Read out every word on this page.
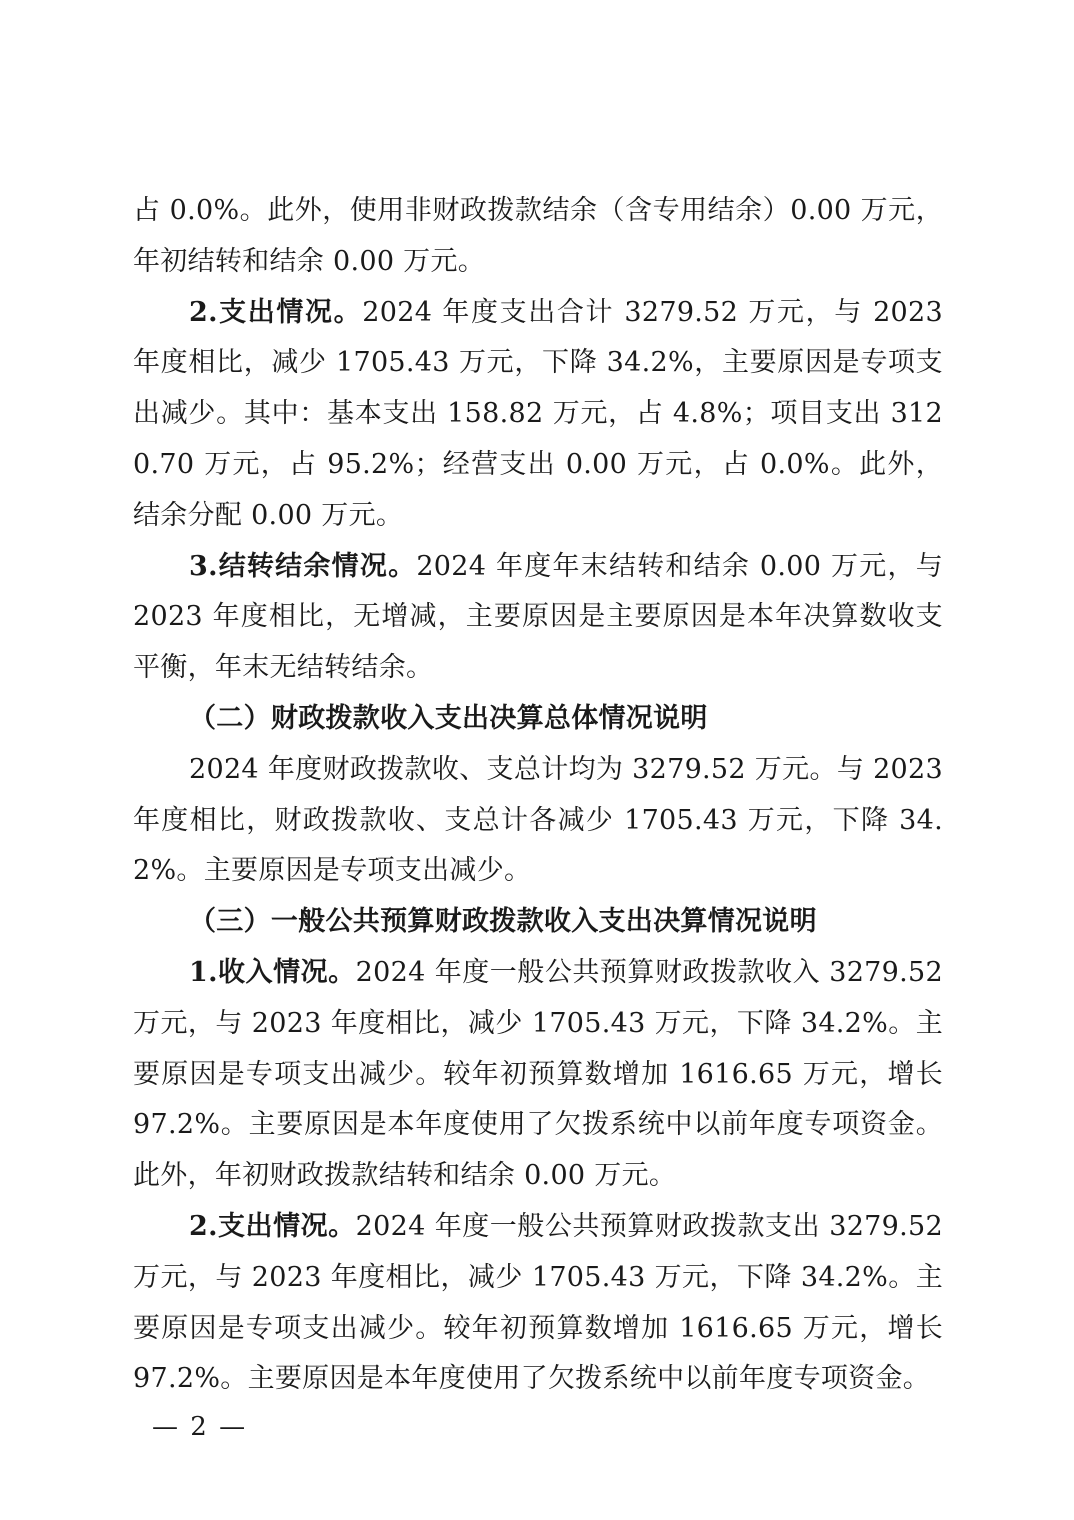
占 0.0%。此外，使用非财政拨款结余（含专用结余）0.00 万元，年初结转和结余 0.00 万元。

2.支出情况。2024 年度支出合计 3279.52 万元，与 2023 年度相比，减少 1705.43 万元，下降 34.2%，主要原因是专项支出减少。其中：基本支出 158.82 万元，占 4.8%；项目支出 3120.70 万元，占 95.2%；经营支出 0.00 万元，占 0.0%。此外，结余分配 0.00 万元。

3.结转结余情况。2024 年度年末结转和结余 0.00 万元，与 2023 年度相比，无增减，主要原因是主要原因是本年决算数收支平衡，年末无结转结余。

（二）财政拨款收入支出决算总体情况说明

2024 年度财政拨款收、支总计均为 3279.52 万元。与 2023 年度相比，财政拨款收、支总计各减少 1705.43 万元，下降 34.2%。主要原因是专项支出减少。

（三）一般公共预算财政拨款收入支出决算情况说明

1.收入情况。2024 年度一般公共预算财政拨款收入 3279.52 万元，与 2023 年度相比，减少 1705.43 万元，下降 34.2%。主要原因是专项支出减少。较年初预算数增加 1616.65 万元，增长 97.2%。主要原因是本年度使用了欠拨系统中以前年度专项资金。此外，年初财政拨款结转和结余 0.00 万元。

2.支出情况。2024 年度一般公共预算财政拨款支出 3279.52 万元，与 2023 年度相比，减少 1705.43 万元，下降 34.2%。主要原因是专项支出减少。较年初预算数增加 1616.65 万元，增长 97.2%。主要原因是本年度使用了欠拨系统中以前年度专项资金。

— 2 —
